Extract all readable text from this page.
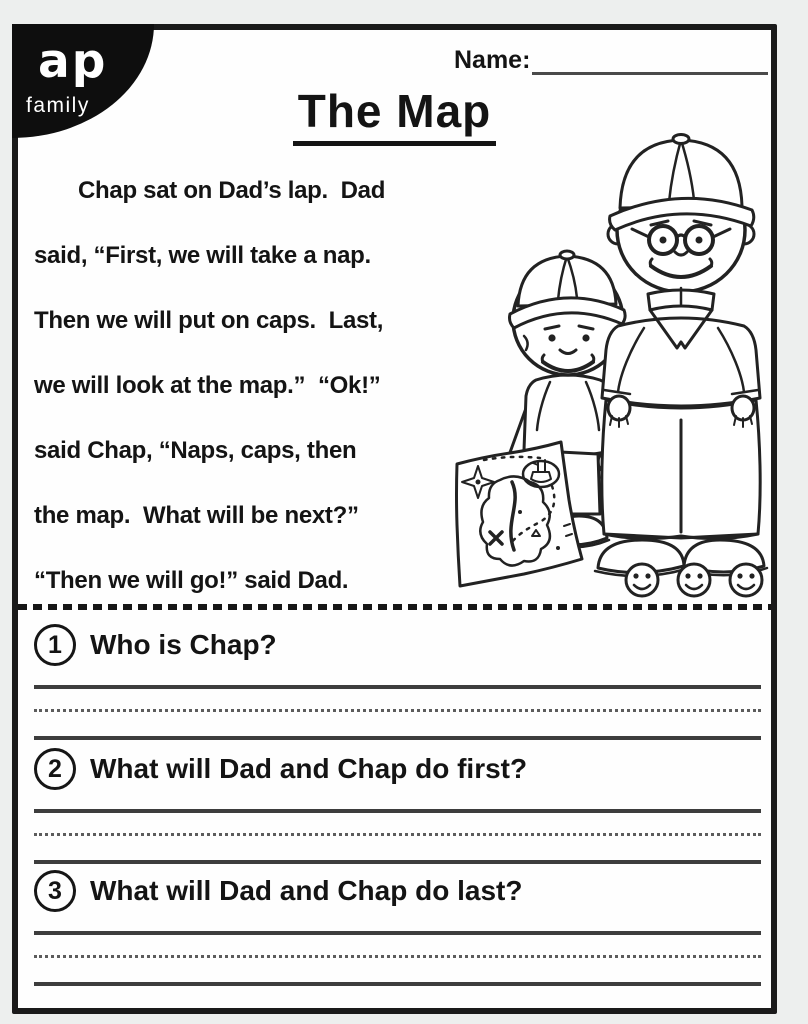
ap
family
Name:
The Map
Chap sat on Dad’s lap.  Dad
said, “First, we will take a nap.
Then we will put on caps.  Last,
we will look at the map.”  “Ok!”
said Chap, “Naps, caps, then
the map.  What will be next?”
“Then we will go!” said Dad.
1	Who is Chap?
2	What will Dad and Chap do first?
3	What will Dad and Chap do last?
